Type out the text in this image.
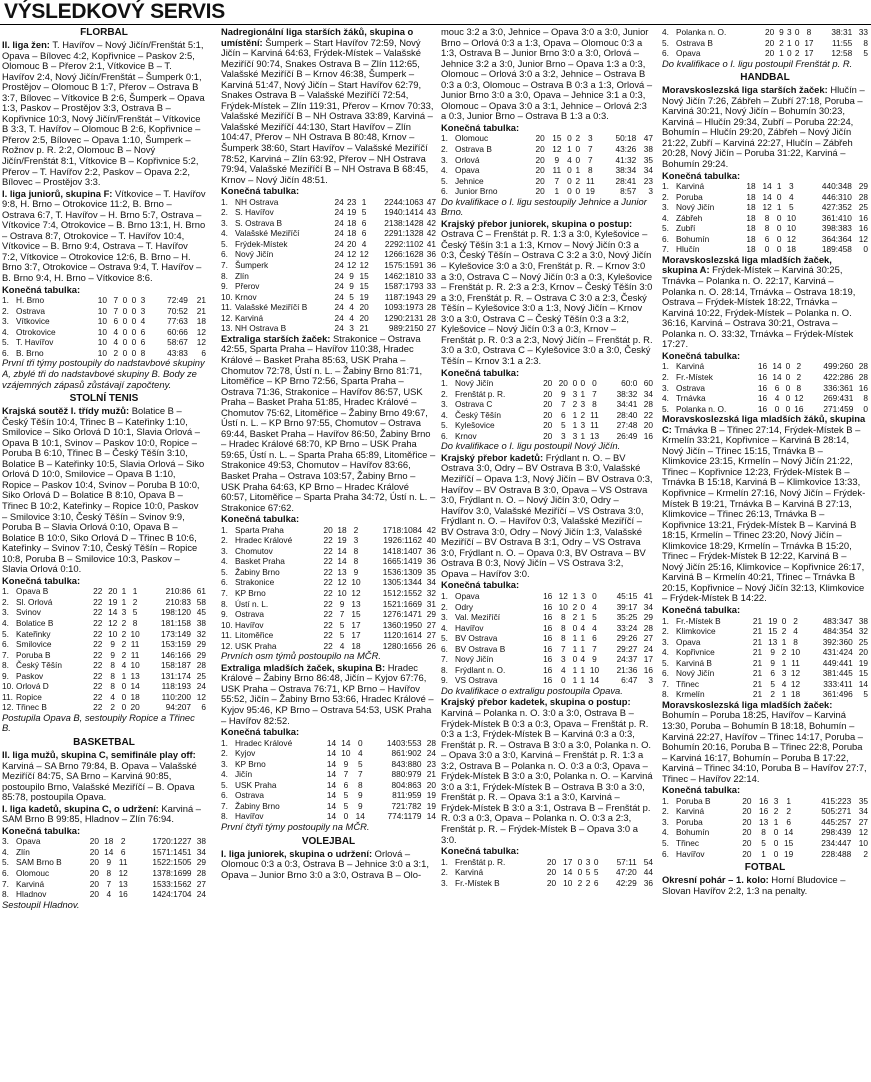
VÝSLEDKOVÝ SERVIS
FLORBAL

II. liga žen: T. Havířov – Nový Jičín/Frenštát 5:1, Opava – Bílovec 4:2, Kopřivnice – Paskov 2:5, Olomouc B – Přerov 2:1, Vítkovice B – T. Havířov 2:4, Nový Jičín/Frenštát – Šumperk 0:1, Prostějov – Olomouc B 1:7, Přerov – Ostrava B 3:7, Bílovec – Vítkovice B 2:6, Šumperk – Opava 1:3, Paskov – Prostějov 3:3, Ostrava B – Kopřivnice 10:3, Nový Jičín/Frenštát – Vítkovice B 3:3, T. Havířov – Olomouc B 2:6, Kopřivnice – Přerov 2:5, Bílovec – Opava 1:10, Šumperk – Rožnov p. R. 2:2, Olomouc B – Nový Jičín/Frenštát 8:1, Vítkovice B – Kopřivnice 5:2, Přerov – T. Havířov 2:2, Paskov – Opava 2:2, Bílovec – Prostějov 3:3.

I. liga juniorů, skupina F: Vítkovice – T. Havířov 9:8, H. Brno – Otrokovice 11:2, B. Brno – Ostrava 6:7, T. Havířov – H. Brno 5:7, Ostrava – Vítkovice 7:4, Otrokovice – B. Brno 13:1, H. Brno – Ostrava 8:7, Otrokovice – T. Havířov 10:4, Vítkovice – B. Brno 9:4, Ostrava – T. Havířov 7:2, Vítkovice – Otrokovice 12:6, B. Brno – H. Brno 3:7, Otrokovice – Ostrava 9:4, T. Havířov – B. Brno 9:4, H. Brno – Vítkovice 8:6.

Konečná tabulka:
1.	H. Brno	10	7	0	0	3	72:49	21
2.	Ostrava	10	7	0	0	3	70:52	21
3.	Vítkovice	10	6	0	0	4	77:63	18
4.	Otrokovice	10	4	0	0	6	60:66	12
5.	T. Havířov	10	4	0	0	6	58:67	12
6.	B. Brno	10	2	0	0	8	43:83	6

První tři týmy postoupily do nadstavbové skupiny A, zbylé tři do nadstavbové skupiny B. Body ze vzájemných zápasů zůstávají započteny.

STOLNÍ TENIS

Krajská soutěž I. třídy mužů: Bolatice B – Český Těšín 10:4, Třinec B – Kateřinky 1:10, Smilovice – Siko Orlová D 10:1, Slavia Orlová – Opava B 10:1, Svinov – Paskov 10:0, Ropice – Poruba B 6:10, Třinec B – Český Těšín 3:10, Bolatice B – Kateřinky 10:5, Slavia Orlová – Siko Orlová D 10:0, Smilovice – Opava B 1:10, Ropice – Paskov 10:4, Svinov – Poruba B 10:0, Siko Orlová D – Bolatice B 8:10, Opava B – Třinec B 10:2, Kateřinky – Ropice 10:0, Paskov – Smilovice 3:10, Český Těšín – Svinov 9:9, Poruba B – Slavia Orlová 0:10, Opava B – Bolatice B 10:0, Siko Orlová D – Třinec B 10:6, Kateřinky – Svinov 7:10, Český Těšín – Ropice 10:8, Poruba B – Smilovice 10:3, Paskov – Slavia Orlová 0:10.

Konečná tabulka:
1.	Opava B	22	20	1	1	210:86	61
2.	Sl. Orlová	22	19	1	2	210:83	58
3.	Svinov	22	14	3	5	198:120	45
4.	Bolatice B	22	12	2	8	181:158	38
5.	Kateřinky	22	10	2	10	173:149	32
6.	Smilovice	22	9	2	11	153:159	29
7.	Poruba B	22	9	2	11	146:166	29
8.	Český Těšín	22	8	4	10	158:187	28
9.	Paskov	22	8	1	13	131:174	25
10.	Orlová D	22	8	0	14	118:193	24
11.	Ropice	22	4	0	18	110:200	12
12.	Třinec B	22	2	0	20	94:207	6

Postupila Opava B, sestoupily Ropice a Třinec B.

BASKETBAL

II. liga mužů, skupina C, semifinále play off: Karviná – SA Brno 79:84, B. Opava – Valašské Meziříčí 84:75, SA Brno – Karviná 90:85, postoupilo Brno, Valašské Meziříčí – B. Opava 85:78, postoupila Opava.

I. liga kadetů, skupina C, o udržení: Karviná – SAM Brno B 99:85, Hladnov – Zlín 76:94.

Konečná tabulka:
3.	Opava	20	18	2	1720:1227	38
4.	Zlín	20	14	6	1571:1451	34
5.	SAM Brno B	20	9	11	1522:1505	29
6.	Olomouc	20	8	12	1378:1699	28
7.	Karviná	20	7	13	1533:1562	27
8.	Hladnov	20	4	16	1424:1704	24

Sestoupil Hladnov.

Nadregionální liga starších žáků, skupina o umístění: Šumperk – Start Havířov 72:59, Nový Jičín – Karviná 64:63, Frýdek-Místek – Valašské Meziříčí 90:74, Snakes Ostrava B – Zlín 112:65, Valašské Meziříčí B – Krnov 46:38, Šumperk – Karviná 51:47, Nový Jičín – Start Havířov 62:79, Snakes Ostrava B – Valašské Meziříčí 72:54, Frýdek-Místek – Zlín 119:31, Přerov – Krnov 70:33, Valašské Meziříčí B – NH Ostrava 33:89, Karviná – Valašské Meziříčí 44:130, Start Havířov – Zlín 104:47, Přerov – NH Ostrava B 80:48, Krnov – Šumperk 38:60, Start Havířov – Valašské Meziříčí 78:52, Karviná – Zlín 63:92, Přerov – NH Ostrava 79:94, Valašské Meziříčí B – NH Ostrava B 68:45, Krnov – Nový Jičín 48:51.

Konečná tabulka:
1.	NH Ostrava	24	23	1	2244:1063	47
2.	S. Havířov	24	19	5	1940:1414	43
3.	S. Ostrava B	24	18	6	2138:1428	42
4.	Valašské Meziříčí	24	18	6	2291:1328	42
5.	Frýdek-Místek	24	20	4	2292:1102	41
6.	Nový Jičín	24	12	12	1266:1628	36
7.	Šumperk	24	12	12	1575:1591	36
8.	Zlín	24	9	15	1462:1810	33
9.	Přerov	24	9	15	1587:1793	33
10.	Krnov	24	5	19	1187:1943	29
11.	Valašské Meziříčí B	24	4	20	1093:1973	28
12.	Karviná	24	4	20	1290:2131	28
13.	NH Ostrava B	24	3	21	989:2150	27

Extraliga starších žaček: Strakonice – Ostrava 42:55, Sparta Praha – Havířov 110:38, Hradec Králové – Basket Praha 85:63, USK Praha – Chomutov 72:78, Ústí n. L. – Žabiny Brno 81:71, Litoměřice – KP Brno 72:56, Sparta Praha – Ostrava 71:36, Strakonice – Havířov 86:57, USK Praha – Basket Praha 51:85, Hradec Králové – Chomutov 75:62, Litoměřice – Žabiny Brno 49:67, Ústí n. L. – KP Brno 97:55, Chomutov – Ostrava 69:44, Basket Praha – Havířov 86:50, Žabiny Brno – Hradec Králové 68:70, KP Brno – USK Praha 59:65, Ústí n. L. – Sparta Praha 65:89, Litoměřice – Strakonice 49:53, Chomutov – Havířov 83:66, Basket Praha – Ostrava 103:57, Žabiny Brno – USK Praha 64:63, KP Brno – Hradec Králové 60:57, Litoměřice – Sparta Praha 34:72, Ústí n. L. – Strakonice 67:62.

Konečná tabulka:
1.	Sparta Praha	20	18	2	1718:1084	42
2.	Hradec Králové	22	19	3	1926:1162	40
3.	Chomutov	22	14	8	1418:1407	36
4.	Basket Praha	22	14	8	1665:1419	36
5.	Žabiny Brno	22	13	9	1536:1309	35
6.	Strakonice	22	12	10	1305:1344	34
7.	KP Brno	22	10	12	1512:1552	32
8.	Ústí n. L.	22	9	13	1521:1669	31
9.	Ostrava	22	7	15	1276:1471	29
10.	Havířov	22	5	17	1360:1950	27
11.	Litoměřice	22	5	17	1120:1614	27
12.	USK Praha	22	4	18	1280:1656	26

Prvních osm týmů postoupilo na MČR.

Extraliga mladších žaček, skupina B: Hradec Králové – Žabiny Brno 86:48, Jičín – Kyjov 67:76, USK Praha – Ostrava 76:71, KP Brno – Havířov 55:52, Jičín – Žabiny Brno 53:66, Hradec Králové – Kyjov 95:46, KP Brno – Ostrava 54:53, USK Praha – Havířov 82:52.

Konečná tabulka:
1.	Hradec Králové	14	14	0	1403:553	28
2.	Kyjov	14	10	4	861:902	24
3.	KP Brno	14	9	5	843:880	23
4.	Jičín	14	7	7	880:979	21
5.	USK Praha	14	6	8	804:863	20
6.	Ostrava	14	5	9	811:959	19
7.	Žabiny Brno	14	5	9	721:782	19
8.	Havířov	14	0	14	774:1179	14

První čtyři týmy postoupily na MČR.

VOLEJBAL

I. liga juniorek, skupina o udržení: Orlová – Olomouc 0:3 a 0:3, Ostrava B – Jehnice 3:0 a 3:1, Opava – Junior Brno 3:0 a 3:0, Ostrava B – Olo-

mouc 3:2 a 3:0, Jehnice – Opava 3:0 a 3:0, Junior Brno – Orlová 0:3 a 1:3, Opava – Olomouc 0:3 a 1:3, Ostrava B – Junior Brno 3:0 a 3:0, Orlová – Jehnice 3:2 a 3:0, Junior Brno – Opava 1:3 a 0:3, Olomouc – Orlová 3:0 a 3:2, Jehnice – Ostrava B 0:3 a 0:3, Olomouc – Ostrava B 0:3 a 1:3, Orlová – Junior Brno 3:0 a 3:0, Opava – Jehnice 3:1 a 0:3, Olomouc – Opava 3:0 a 3:1, Jehnice – Orlová 2:3 a 0:3, Junior Brno – Ostrava B 1:3 a 0:3.

Konečná tabulka:
1.	Olomouc	20	15	0	2	3	50:18	47
2.	Ostrava B	20	12	1	0	7	43:26	38
3.	Orlová	20	9	4	0	7	41:32	35
4.	Opava	20	11	0	1	8	38:34	34
5.	Jehnice	20	7	0	2	11	28:41	23
6.	Junior Brno	20	1	0	0	19	8:57	3

Do kvalifikace o I. ligu sestoupily Jehnice a Junior Brno.

Krajský přebor juniorek, skupina o postup: Ostrava C – Frenštát p. R. 1:3 a 3:0, Kylešovice – Český Těšín 3:1 a 1:3, Krnov – Nový Jičín 0:3 a 0:3, Český Těšín – Ostrava C 3:2 a 3:0, Nový Jičín – Kylešovice 3:0 a 3:0, Frenštát p. R. – Krnov 3:0 a 3:0, Ostrava C – Nový Jičín 0:3 a 0:3, Kylešovice – Frenštát p. R. 2:3 a 2:3, Krnov – Český Těšín 3:0 a 3:0, Frenštát p. R. – Ostrava C 3:0 a 2:3, Český Těšín – Kylešovice 3:0 a 1:3, Nový Jičín – Krnov 3:0 a 3:0, Ostrava C – Český Těšín 0:3 a 3:2, Kylešovice – Nový Jičín 0:3 a 0:3, Krnov – Frenštát p. R. 0:3 a 2:3, Nový Jičín – Frenštát p. R. 3:0 a 3:0, Ostrava C – Kylešovice 3:0 a 3:0, Český Těšín – Krnov 3:1 a 2:3.

Konečná tabulka:
1.	Nový Jičín	20	20	0	0	0	60:0	60
2.	Frenštát p. R.	20	9	3	1	7	38:32	34
3.	Ostrava C	20	7	2	3	8	34:41	28
4.	Český Těšín	20	6	1	2	11	28:40	22
5.	Kylešovice	20	5	1	3	11	27:48	20
6.	Krnov	20	3	3	1	13	26:49	16

Do kvalifikace o I. ligu postoupil Nový Jičín.

Krajský přebor kadetů: Frýdlant n. O. – BV Ostrava 3:0, Odry – BV Ostrava B 3:0, Valašské Meziříčí – Opava 1:3, Nový Jičín – BV Ostrava 0:3, Havířov – BV Ostrava B 3:0, Opava – VS Ostrava 3:0, Frýdlant n. O. – Nový Jičín 3:0, Odry – Havířov 3:0, Valašské Meziříčí – VS Ostrava 3:0, Frýdlant n. O. – Havířov 0:3, Valašské Meziříčí – BV Ostrava 3:0, Odry – Nový Jičín 1:3, Valašské Meziříčí – BV Ostrava B 3:1, Odry – VS Ostrava 3:0, Frýdlant n. O. – Opava 0:3, BV Ostrava – BV Ostrava B 0:3, Nový Jičín – VS Ostrava 3:2, Opava – Havířov 3:0.

Konečná tabulka:
1.	Opava	16	12	1	3	0	45:15	41
2.	Odry	16	10	2	0	4	39:17	34
3.	Val. Meziříčí	16	8	2	1	5	35:25	29
4.	Havířov	16	8	0	4	4	33:24	28
5.	BV Ostrava	16	8	1	1	6	29:26	27
6.	BV Ostrava B	16	7	1	1	7	29:27	24
7.	Nový Jičín	16	3	0	4	9	24:37	17
8.	Frýdlant n. O.	16	4	1	1	10	21:36	16
9.	VS Ostrava	16	0	1	1	14	6:47	3

Do kvalifikace o extraligu postoupila Opava.

Krajský přebor kadetek, skupina o postup: Karviná – Polanka n. O. 3:0 a 3:0, Ostrava B – Frýdek-Místek B 0:3 a 0:3, Opava – Frenštát p. R. 0:3 a 1:3, Frýdek-Místek B – Karviná 0:3 a 0:3, Frenštát p. R. – Ostrava B 3:0 a 3:0, Polanka n. O. – Opava 3:0 a 3:0, Karviná – Frenštát p. R. 1:3 a 3:2, Ostrava B – Polanka n. O. 0:3 a 0:3, Opava – Frýdek-Místek B 3:0 a 3:0, Polanka n. O. – Karviná 3:0 a 3:1, Frýdek-Místek B – Ostrava B 3:0 a 3:0, Frenštát p. R. – Opava 3:1 a 3:0, Karviná – Frýdek-Místek B 3:0 a 3:1, Ostrava B – Frenštát p. R. 0:3 a 0:3, Opava – Polanka n. O. 0:3 a 2:3, Frenštát p. R. – Frýdek-Místek B – Opava 3:0 a 3:0.

Konečná tabulka:
1.	Frenštát p. R.	20	17	0	3	0	57:11	54
2.	Karviná	20	14	0	5	5	47:20	44
3.	Fr.-Místek B	20	10	2	2	6	42:29	36
4.	Polanka n. O.	20	9	3	0	8	38:31	33
5.	Ostrava B	20	2	1	0	17	11:55	8
6.	Opava	20	1	0	2	17	12:58	5

Do kvalifikace o I. ligu postoupil Frenštát p. R.

HANDBAL

Moravskoslezská liga starších žaček: Hlučín – Nový Jičín 7:26, Zábřeh – Zubří 27:18, Poruba – Karviná 30:21, Nový Jičín – Bohumín 30:23, Karviná – Hlučín 29:34, Zubří – Poruba 22:24, Bohumín – Hlučín 29:20, Zábřeh – Nový Jičín 21:22, Zubří – Karviná 22:27, Hlučín – Zábřeh 20:28, Nový Jičín – Poruba 31:22, Karviná – Bohumín 29:24.

Konečná tabulka:
1.	Karviná	18	14	1	3	440:348	29
2.	Poruba	18	14	0	4	446:310	28
3.	Nový Jičín	18	12	1	5	427:352	25
4.	Zábřeh	18	8	0	10	361:410	16
5.	Zubří	18	8	0	10	398:383	16
6.	Bohumín	18	6	0	12	364:364	12
7.	Hlučín	18	0	0	18	189:458	0

Moravskoslezská liga mladších žaček, skupina A: Frýdek-Místek – Karviná 30:25, Trnávka – Polanka n. O. 22:17, Karviná – Polanka n. O. 28:14, Trnávka – Ostrava 18:19, Ostrava – Frýdek-Místek 18:22, Trnávka – Karviná 10:22, Frýdek-Místek – Polanka n. O. 36:16, Karviná – Ostrava 30:21, Ostrava – Polanka n. O. 33:32, Trnávka – Frýdek-Místek 17:27.

Konečná tabulka:
1.	Karviná	16	14	0	2	499:260	28
2.	Fr.-Místek	16	14	0	2	422:286	28
3.	Ostrava	16	6	0	8	336:361	16
4.	Trnávka	16	4	0	12	269:431	8
5.	Polanka n. O.	16	0	0	16	271:459	0

Moravskoslezská liga mladších žáků, skupina C: Trnávka B – Třinec 27:14, Frýdek-Místek B – Krmelín 33:21, Kopřivnice – Karviná B 28:14, Nový Jičín – Třinec 15:15, Trnávka B – Klimkovice 23:15, Krmelín – Nový Jičín 21:22, Třinec – Kopřivnice 12:23, Frýdek-Místek B – Trnávka B 15:18, Karviná B – Klimkovice 13:33, Kopřivnice – Krmelín 27:16, Nový Jičín – Frýdek-Místek B 19:21, Trnávka B – Karviná B 27:13, Klimkovice – Třinec 26:13, Trnávka B – Kopřivnice 13:21, Frýdek-Místek B – Karviná B 18:15, Krmelín – Třinec 23:20, Nový Jičín – Klimkovice 18:29, Krmelín – Trnávka B 15:20, Třinec – Frýdek-Místek B 12:22, Karviná B – Nový Jičín 25:16, Klimkovice – Kopřivnice 26:17, Karviná B – Krmelín 40:21, Třinec – Trnávka B 20:15, Kopřivnice – Nový Jičín 32:13, Klimkovice – Frýdek-Místek B 14:22.

Konečná tabulka:
1.	Fr.-Místek B	21	19	0	2	483:347	38
2.	Klimkovice	21	15	2	4	484:354	32
3.	Opava	21	13	1	8	392:360	25
4.	Kopřivnice	21	9	2	10	431:424	20
5.	Karviná B	21	9	1	11	449:441	19
6.	Nový Jičín	21	6	3	12	381:445	15
7.	Třinec	21	5	4	12	333:411	14
8.	Krmelín	21	2	1	18	361:496	5

Moravskoslezská liga mladších žaček: Bohumín – Poruba 18:25, Havířov – Karviná 13:30, Poruba – Bohumín B 18:18, Bohumín – Karviná 22:27, Havířov – Třinec 14:17, Poruba – Bohumín 20:16, Poruba B – Třinec 22:8, Poruba – Karviná 16:17, Bohumín – Poruba B 17:22, Karviná – Třinec 34:10, Poruba B – Havířov 27:7, Třinec – Havířov 22:14.

Konečná tabulka:
1.	Poruba B	20	16	3	1	415:223	35
2.	Karviná	20	16	2	2	505:271	34
3.	Poruba	20	13	1	6	445:257	27
4.	Bohumín	20	8	0	14	298:439	12
5.	Třinec	20	5	0	15	234:447	10
6.	Havířov	20	1	0	19	228:488	2
FOTBAL

Okresní pohár – 1. kolo: Horní Bludovice – Slovan Havířov 2:2, 1:3 na penalty.
